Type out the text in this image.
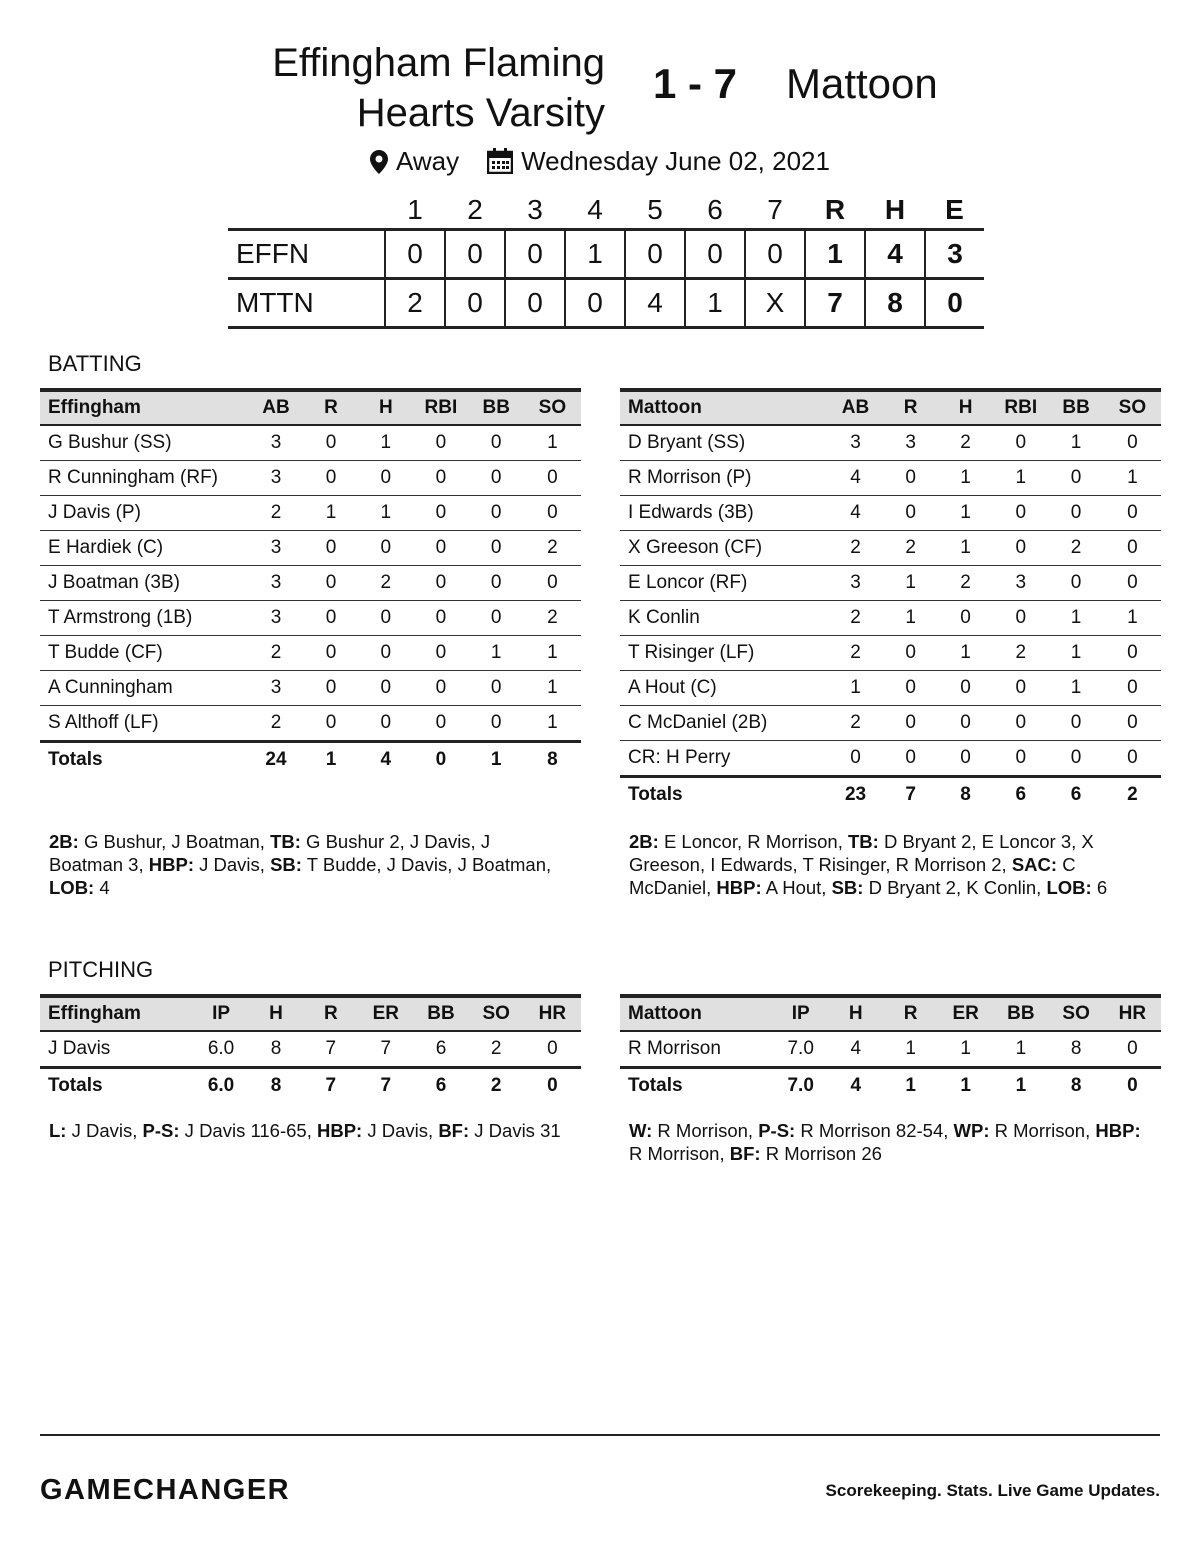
Effingham Flaming
Hearts Varsity
1 - 7	Mattoon
Away Wednesday June 02, 2021
	1	2	3	4	5	6	7	R	H	E
EFFN	0	0	0	1	0	0	0	1	4	3
MTTN	2	0	0	0	4	1	X	7	8	0
BATTING
Effingham	AB	R	H	RBI	BB	SO
G Bushur (SS)	3	0	1	0	0	1
R Cunningham (RF)	3	0	0	0	0	0
J Davis (P)	2	1	1	0	0	0
E Hardiek (C)	3	0	0	0	0	2
J Boatman (3B)	3	0	2	0	0	0
T Armstrong (1B)	3	0	0	0	0	2
T Budde (CF)	2	0	0	0	1	1
A Cunningham	3	0	0	0	0	1
S Althoff (LF)	2	0	0	0	0	1
Totals	24	1	4	0	1	8
Mattoon	AB	R	H	RBI	BB	SO
D Bryant (SS)	3	3	2	0	1	0
R Morrison (P)	4	0	1	1	0	1
I Edwards (3B)	4	0	1	0	0	0
X Greeson (CF)	2	2	1	0	2	0
E Loncor (RF)	3	1	2	3	0	0
K Conlin	2	1	0	0	1	1
T Risinger (LF)	2	0	1	2	1	0
A Hout (C)	1	0	0	0	1	0
C McDaniel (2B)	2	0	0	0	0	0
CR: H Perry	0	0	0	0	0	0
Totals	23	7	8	6	6	2
2B: G Bushur, J Boatman, TB: G Bushur 2, J Davis, J Boatman 3, HBP: J Davis, SB: T Budde, J Davis, J Boatman, LOB: 4
2B: E Loncor, R Morrison, TB: D Bryant 2, E Loncor 3, X Greeson, I Edwards, T Risinger, R Morrison 2, SAC: C McDaniel, HBP: A Hout, SB: D Bryant 2, K Conlin, LOB: 6
PITCHING
Effingham	IP	H	R	ER	BB	SO	HR
J Davis	6.0	8	7	7	6	2	0
Totals	6.0	8	7	7	6	2	0
Mattoon	IP	H	R	ER	BB	SO	HR
R Morrison	7.0	4	1	1	1	8	0
Totals	7.0	4	1	1	1	8	0
L: J Davis, P-S: J Davis 116-65, HBP: J Davis, BF: J Davis 31	W: R Morrison, P-S: R Morrison 82-54, WP: R Morrison, HBP: R Morrison, BF: R Morrison 26
GAMECHANGER	Scorekeeping. Stats. Live Game Updates.
